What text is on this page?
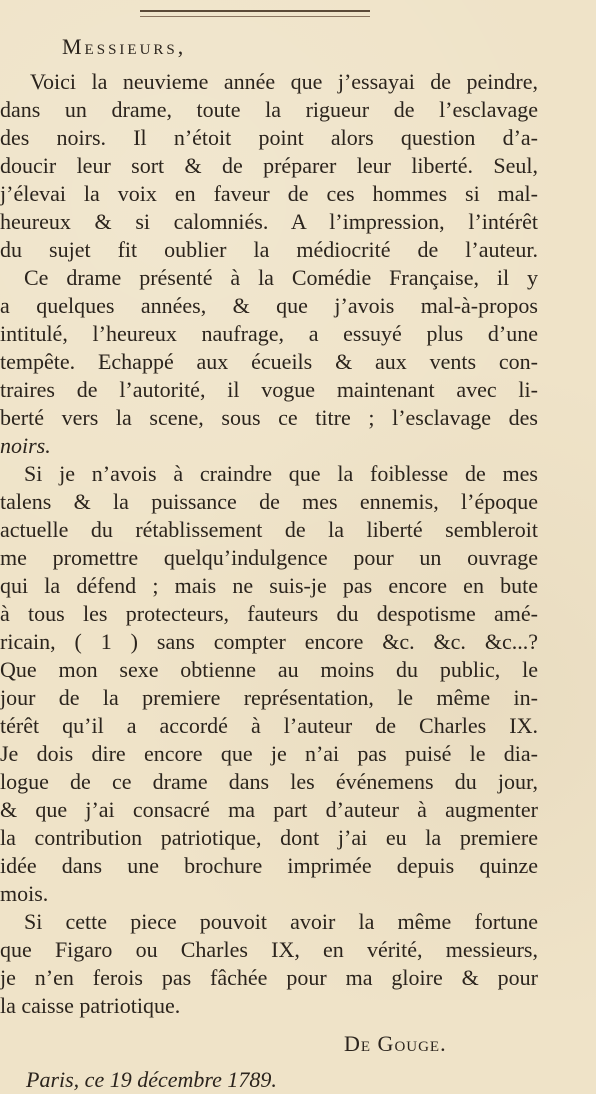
Messieurs,
Voici la neuvieme année que j’essayai de peindre,
dans un drame, toute la rigueur de l’esclavage
des noirs. Il n’étoit point alors question d’a-
doucir leur sort & de préparer leur liberté. Seul,
j’élevai la voix en faveur de ces hommes si mal-
heureux & si calomniés. A l’impression, l’intérêt
du sujet fit oublier la médiocrité de l’auteur.
Ce drame présenté à la Comédie Française, il y
a quelques années, & que j’avois mal-à-propos
intitulé, l’heureux naufrage, a essuyé plus d’une
tempête. Echappé aux écueils & aux vents con-
traires de l’autorité, il vogue maintenant avec li-
berté vers la scene, sous ce titre ; l’esclavage des
noirs.
Si je n’avois à craindre que la foiblesse de mes
talens & la puissance de mes ennemis, l’époque
actuelle du rétablissement de la liberté sembleroit
me promettre quelqu’indulgence pour un ouvrage
qui la défend ; mais ne suis-je pas encore en bute
à tous les protecteurs, fauteurs du despotisme amé-
ricain, ( 1 ) sans compter encore &c. &c. &c...?
Que mon sexe obtienne au moins du public, le
jour de la premiere représentation, le même in-
térêt qu’il a accordé à l’auteur de Charles IX.
Je dois dire encore que je n’ai pas puisé le dia-
logue de ce drame dans les événemens du jour,
& que j’ai consacré ma part d’auteur à augmenter
la contribution patriotique, dont j’ai eu la premiere
idée dans une brochure imprimée depuis quinze
mois.
Si cette piece pouvoit avoir la même fortune
que Figaro ou Charles IX, en vérité, messieurs,
je n’en ferois pas fâchée pour ma gloire & pour
la caisse patriotique.
De Gouge.
Paris, ce 19 décembre 1789.
